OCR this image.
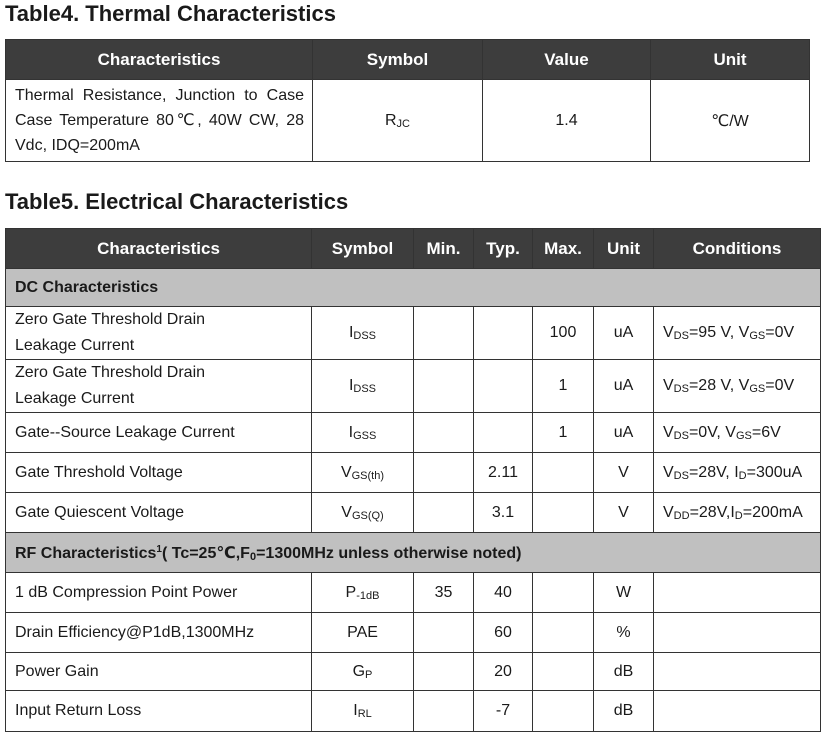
Table4. Thermal Characteristics
Characteristics	Symbol	Value	Unit
Thermal Resistance, Junction to Case Case Temperature 80℃, 40W CW, 28 Vdc, IDQ=200mA	$R_{JC}$	1.4	℃/W
Table5. Electrical Characteristics
Characteristics	Symbol	Min.	Typ.	Max.	Unit	Conditions
DC Characteristics						
Zero Gate Threshold Drain
Leakage Current	$I_{DSS}$			100	uA	$V_{DS}=95$ V, $V_{GS}=0V$
Zero Gate Threshold Drain
Leakage Current	$I_{DSS}$			1	uA	$V_{DS}=28$ V, $V_{GS}=0V$
Gate--Source Leakage Current	$I_{GSS}$			1	uA	$V_{DS}=0V$, $V_{GS}=6V$
Gate Threshold Voltage	$V_{GS(th)}$		2.11		V	$V_{DS}=28V$, $I_D=300uA$
Gate Quiescent Voltage	$V_{GS(Q)}$		3.1		V	$V_{DD}=28V,I_D=200mA$
RF Characteristics$^1$( $Tc=25℃,F_0=1300MHz$ unless otherwise noted)						
1 dB Compression Point Power	$P_{-1dB}$	35	40		W	
Drain Efficiency@P1dB,1300MHz	PAE		60		%	
Power Gain	$G_P$		20		dB	
Input Return Loss	$I_{RL}$		-7		dB	
